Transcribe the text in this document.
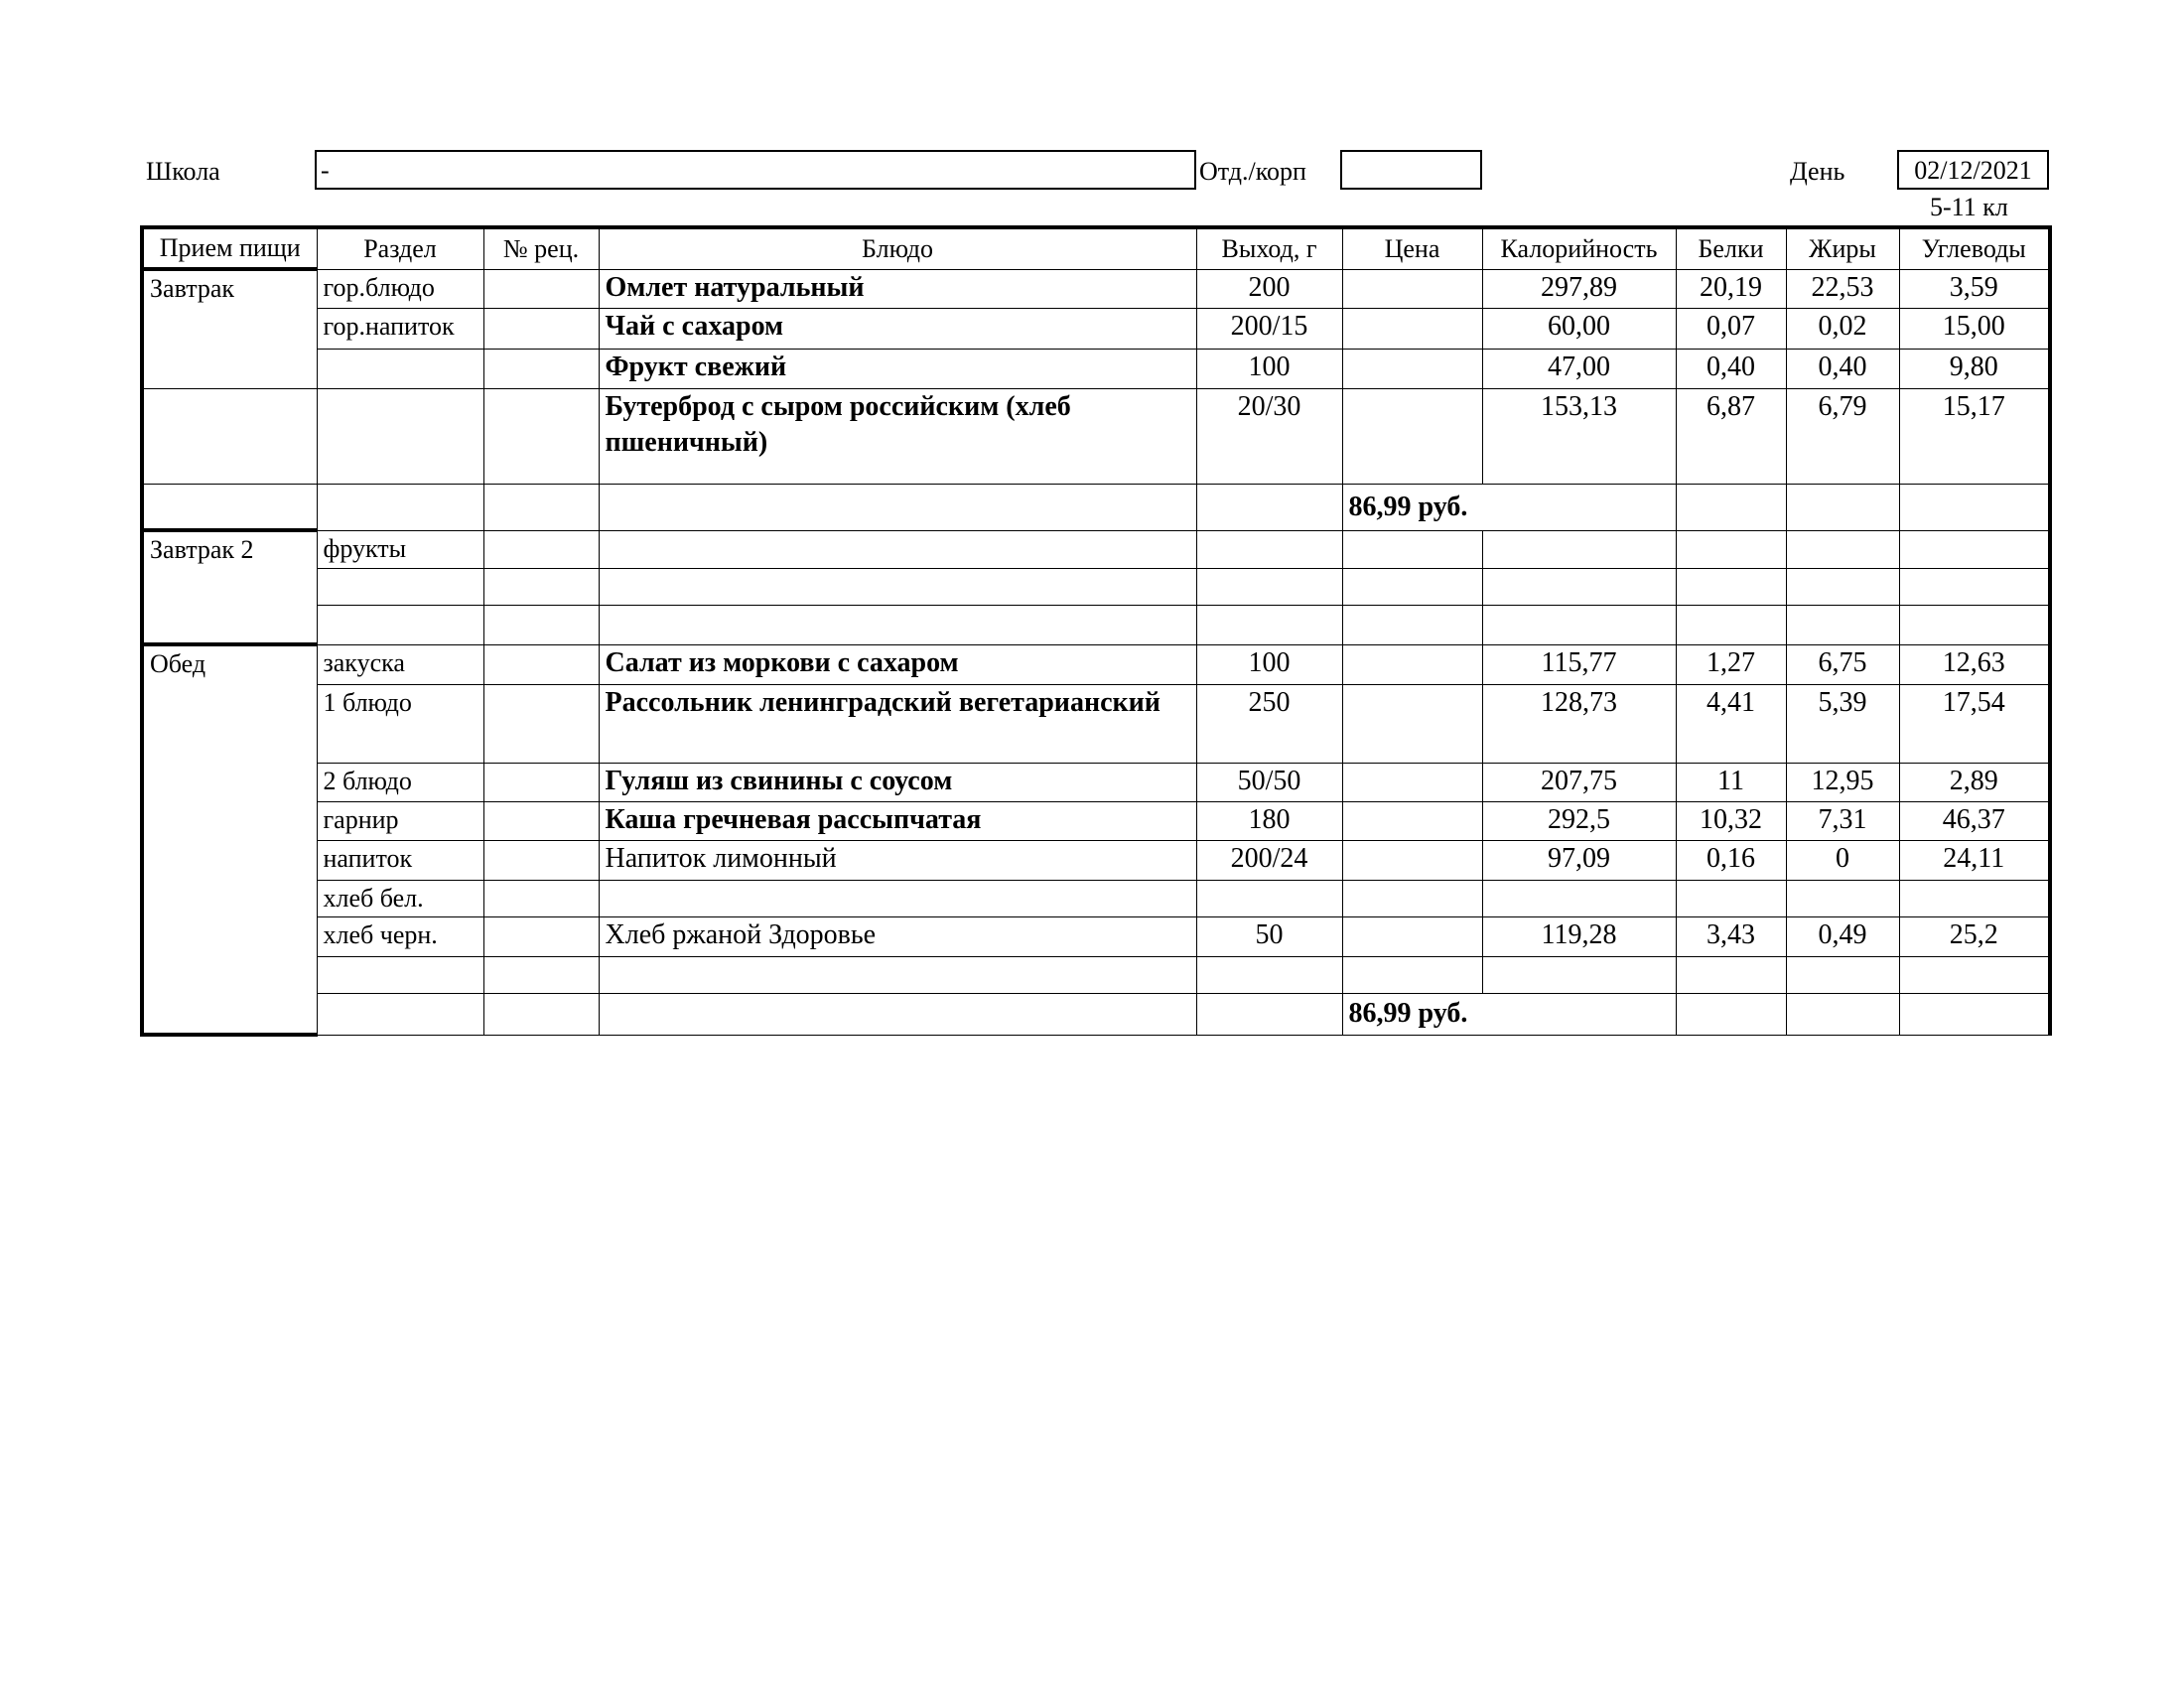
Школа	-	Отд./корп	День	02/12/2021
5-11 кл
Прием пищи	Раздел	№ рец.	Блюдо	Выход, г	Цена	Калорийность	Белки	Жиры	Углеводы
Завтрак	гор.блюдо		Омлет натуральный	200		297,89	20,19	22,53	3,59
	гор.напиток		Чай с сахаром	200/15		60,00	0,07	0,02	15,00
			Фрукт свежий	100		47,00	0,40	0,40	9,80
			Бутерброд с сыром российским (хлеб пшеничный)	20/30		153,13	6,87	6,79	15,17
					86,99 руб.				
Завтрак 2	фрукты								

Обед	закуска		Салат из моркови с сахаром	100		115,77	1,27	6,75	12,63
	1 блюдо		Рассольник ленинградский вегетарианский	250		128,73	4,41	5,39	17,54
	2 блюдо		Гуляш из свинины с соусом	50/50		207,75	11	12,95	2,89
	гарнир		Каша гречневая рассыпчатая	180		292,5	10,32	7,31	46,37
	напиток		Напиток лимонный	200/24		97,09	0,16	0	24,11
	хлеб бел.								
	хлеб черн.		Хлеб ржаной Здоровье	50		119,28	3,43	0,49	25,2

					86,99 руб.				
